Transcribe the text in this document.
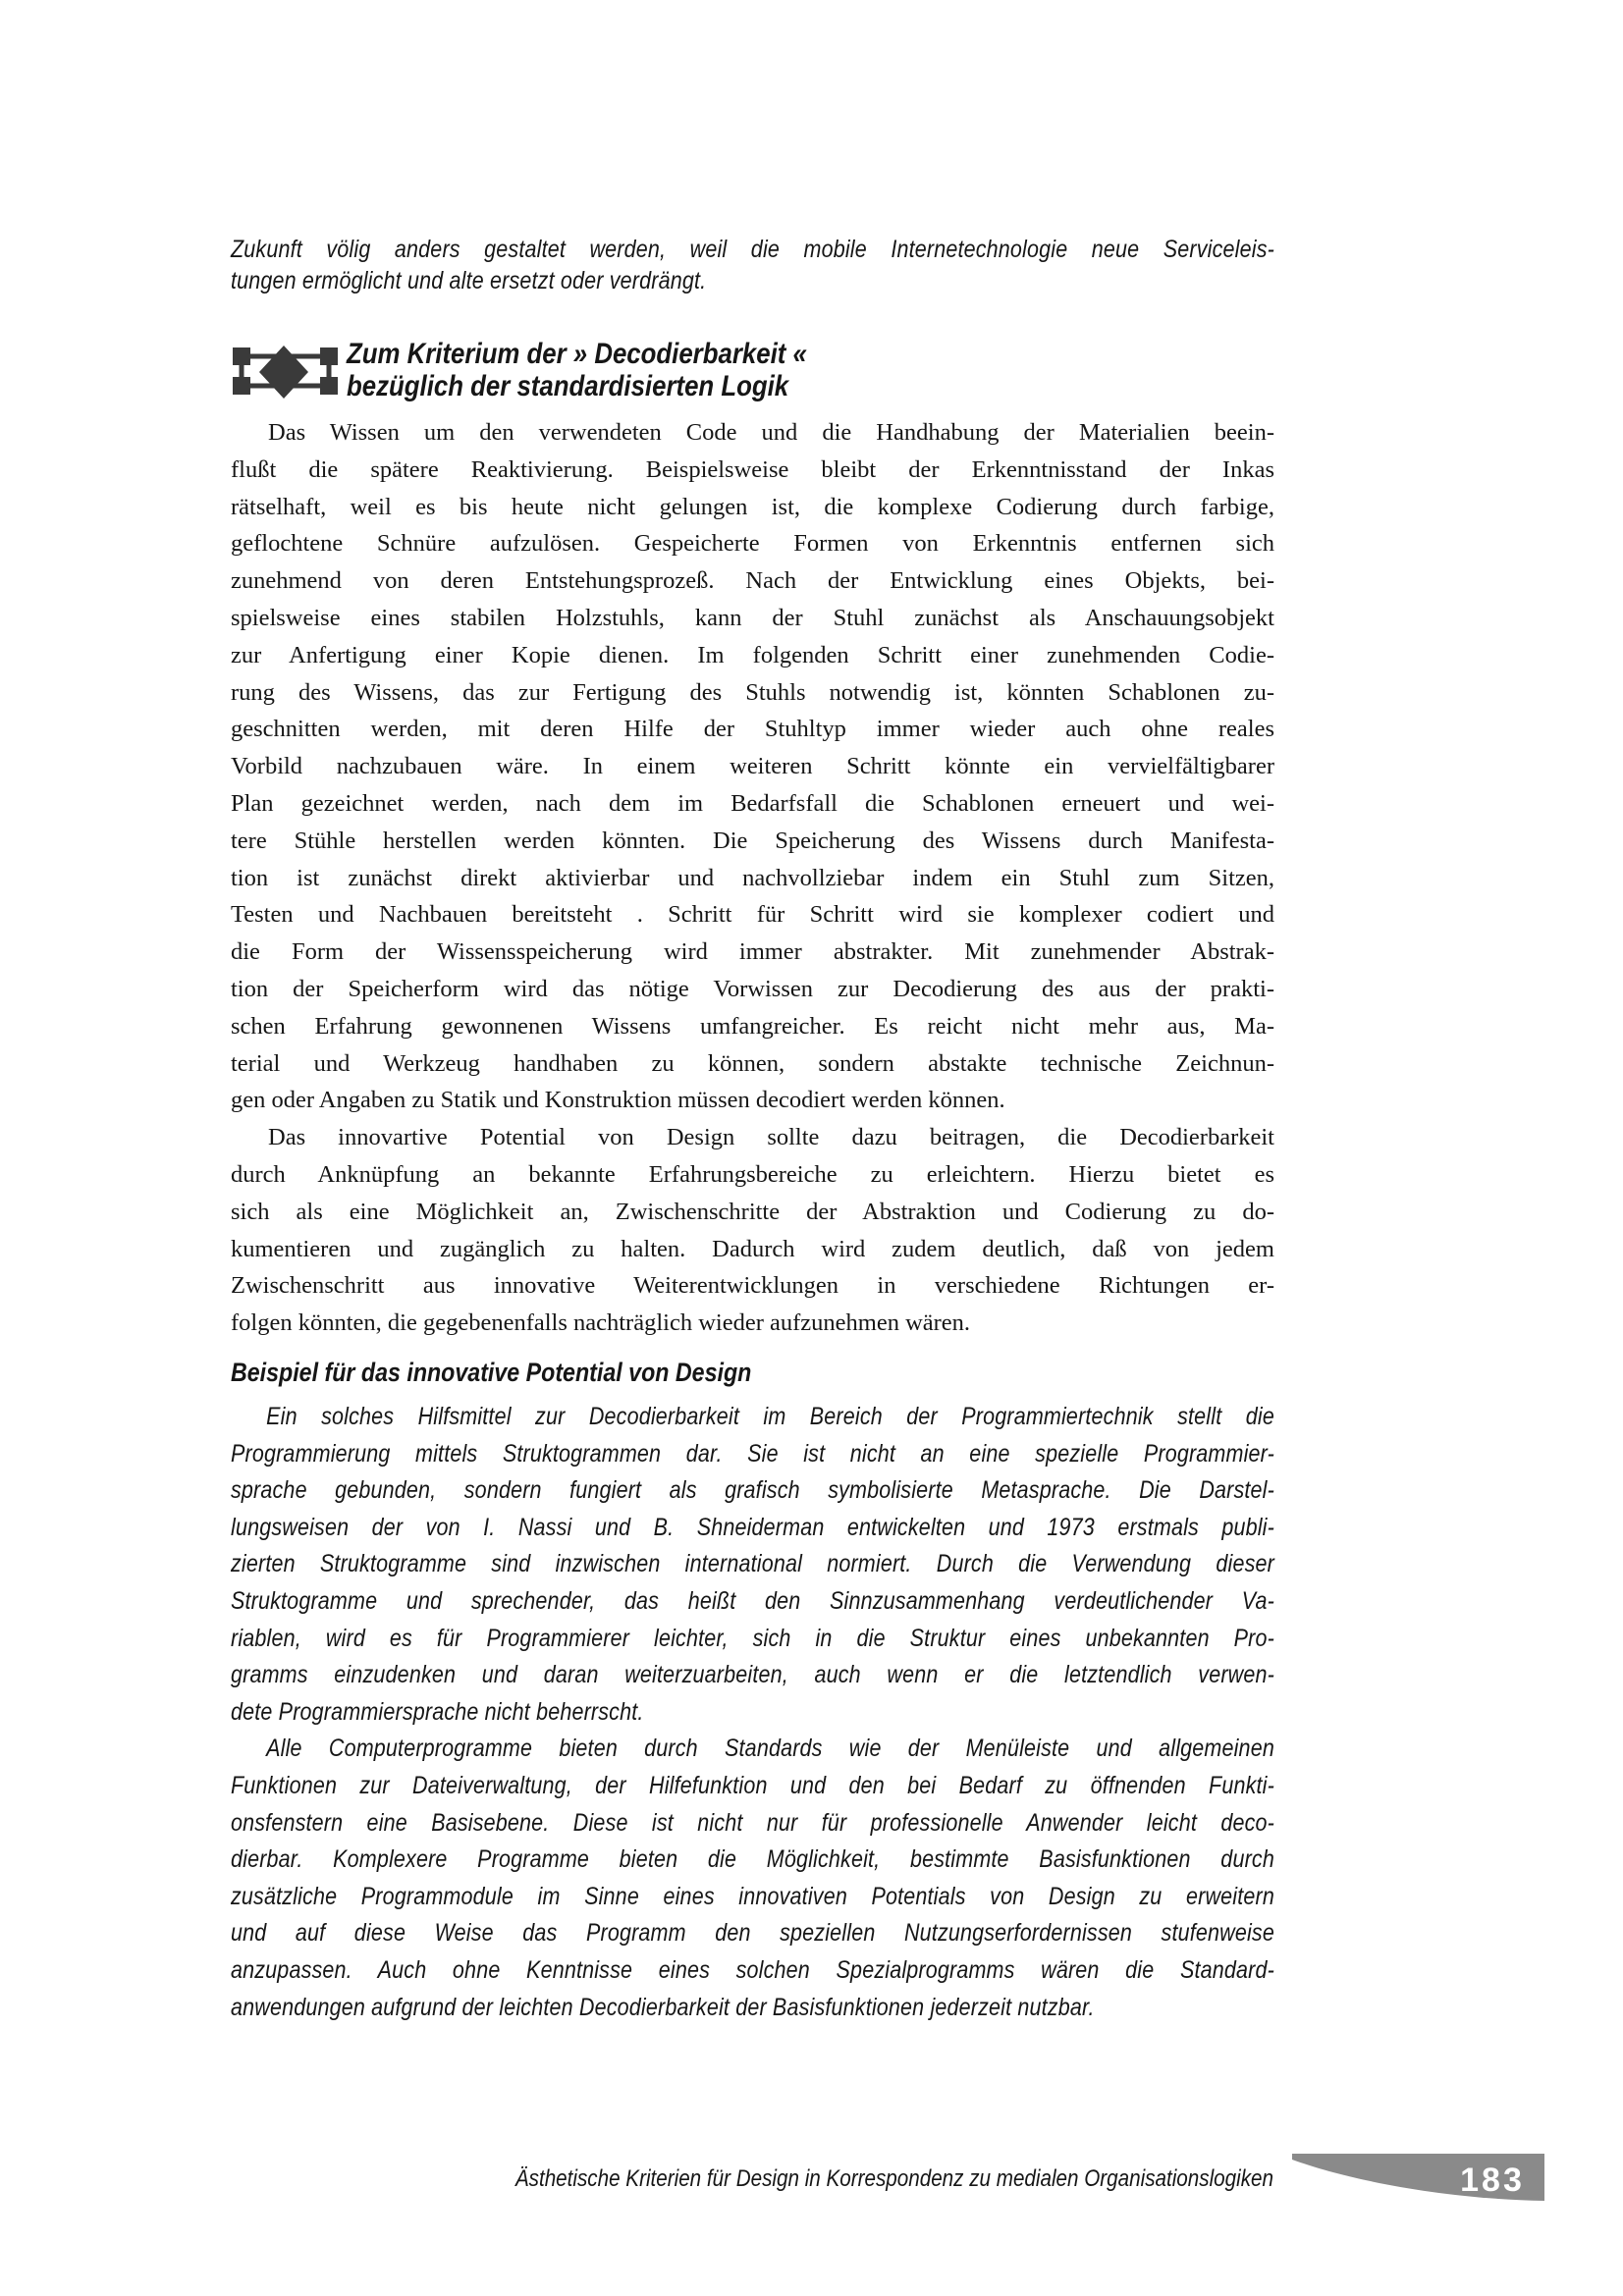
Zukunft völig anders gestaltet werden, weil die mobile Internetechnologie neue Serviceleis-
tungen ermöglicht und alte ersetzt oder verdrängt.
Zum Kriterium der » Decodierbarkeit «
bezüglich der standardisierten Logik
Das Wissen um den verwendeten Code und die Handhabung der Materialien beein-
flußt die spätere Reaktivierung. Beispielsweise bleibt der Erkenntnisstand der Inkas
rätselhaft, weil es bis heute nicht gelungen ist, die komplexe Codierung durch farbige,
geflochtene Schnüre aufzulösen. Gespeicherte Formen von Erkenntnis entfernen sich
zunehmend von deren Entstehungsprozeß. Nach der Entwicklung eines Objekts, bei-
spielsweise eines stabilen Holzstuhls, kann der Stuhl zunächst als Anschauungsobjekt
zur Anfertigung einer Kopie dienen. Im folgenden Schritt einer zunehmenden Codie-
rung des Wissens, das zur Fertigung des Stuhls notwendig ist, könnten Schablonen zu-
geschnitten werden, mit deren Hilfe der Stuhltyp immer wieder auch ohne reales
Vorbild nachzubauen wäre. In einem weiteren Schritt könnte ein vervielfältigbarer
Plan gezeichnet werden, nach dem im Bedarfsfall die Schablonen erneuert und wei-
tere Stühle herstellen werden könnten. Die Speicherung des Wissens durch Manifesta-
tion ist zunächst direkt aktivierbar und nachvollziebar indem ein Stuhl zum Sitzen,
Testen und Nachbauen bereitsteht . Schritt für Schritt wird sie komplexer codiert und
die Form der Wissensspeicherung wird immer abstrakter. Mit zunehmender Abstrak-
tion der Speicherform wird das nötige Vorwissen zur Decodierung des aus der prakti-
schen Erfahrung gewonnenen Wissens umfangreicher. Es reicht nicht mehr aus, Ma-
terial und Werkzeug handhaben zu können, sondern abstakte technische Zeichnun-
gen oder Angaben zu Statik und Konstruktion müssen decodiert werden können.
Das innovartive Potential von Design sollte dazu beitragen, die Decodierbarkeit
durch Anknüpfung an bekannte Erfahrungsbereiche zu erleichtern. Hierzu bietet es
sich als eine Möglichkeit an, Zwischenschritte der Abstraktion und Codierung zu do-
kumentieren und zugänglich zu halten. Dadurch wird zudem deutlich, daß von jedem
Zwischenschritt aus innovative Weiterentwicklungen in verschiedene Richtungen er-
folgen könnten, die gegebenenfalls nachträglich wieder aufzunehmen wären.
Beispiel für das innovative Potential von Design
Ein solches Hilfsmittel zur Decodierbarkeit im Bereich der Programmiertechnik stellt die
Programmierung mittels Struktogrammen dar. Sie ist nicht an eine spezielle Programmier-
sprache gebunden, sondern fungiert als grafisch symbolisierte Metasprache. Die Darstel-
lungsweisen der von I. Nassi und B. Shneiderman entwickelten und 1973 erstmals publi-
zierten Struktogramme sind inzwischen international normiert. Durch die Verwendung dieser
Struktogramme und sprechender, das heißt den Sinnzusammenhang verdeutlichender Va-
riablen, wird es für Programmierer leichter, sich in die Struktur eines unbekannten Pro-
gramms einzudenken und daran weiterzuarbeiten, auch wenn er die letztendlich verwen-
dete Programmiersprache nicht beherrscht.
Alle Computerprogramme bieten durch Standards wie der Menüleiste und allgemeinen
Funktionen zur Dateiverwaltung, der Hilfefunktion und den bei Bedarf zu öffnenden Funkti-
onsfenstern eine Basisebene. Diese ist nicht nur für professionelle Anwender leicht deco-
dierbar. Komplexere Programme bieten die Möglichkeit, bestimmte Basisfunktionen durch
zusätzliche Programmodule im Sinne eines innovativen Potentials von Design zu erweitern
und auf diese Weise das Programm den speziellen Nutzungserfordernissen stufenweise
anzupassen. Auch ohne Kenntnisse eines solchen Spezialprogramms wären die Standard-
anwendungen aufgrund der leichten Decodierbarkeit der Basisfunktionen jederzeit nutzbar.
Ästhetische Kriterien für Design in Korrespondenz zu medialen Organisationslogiken	183
